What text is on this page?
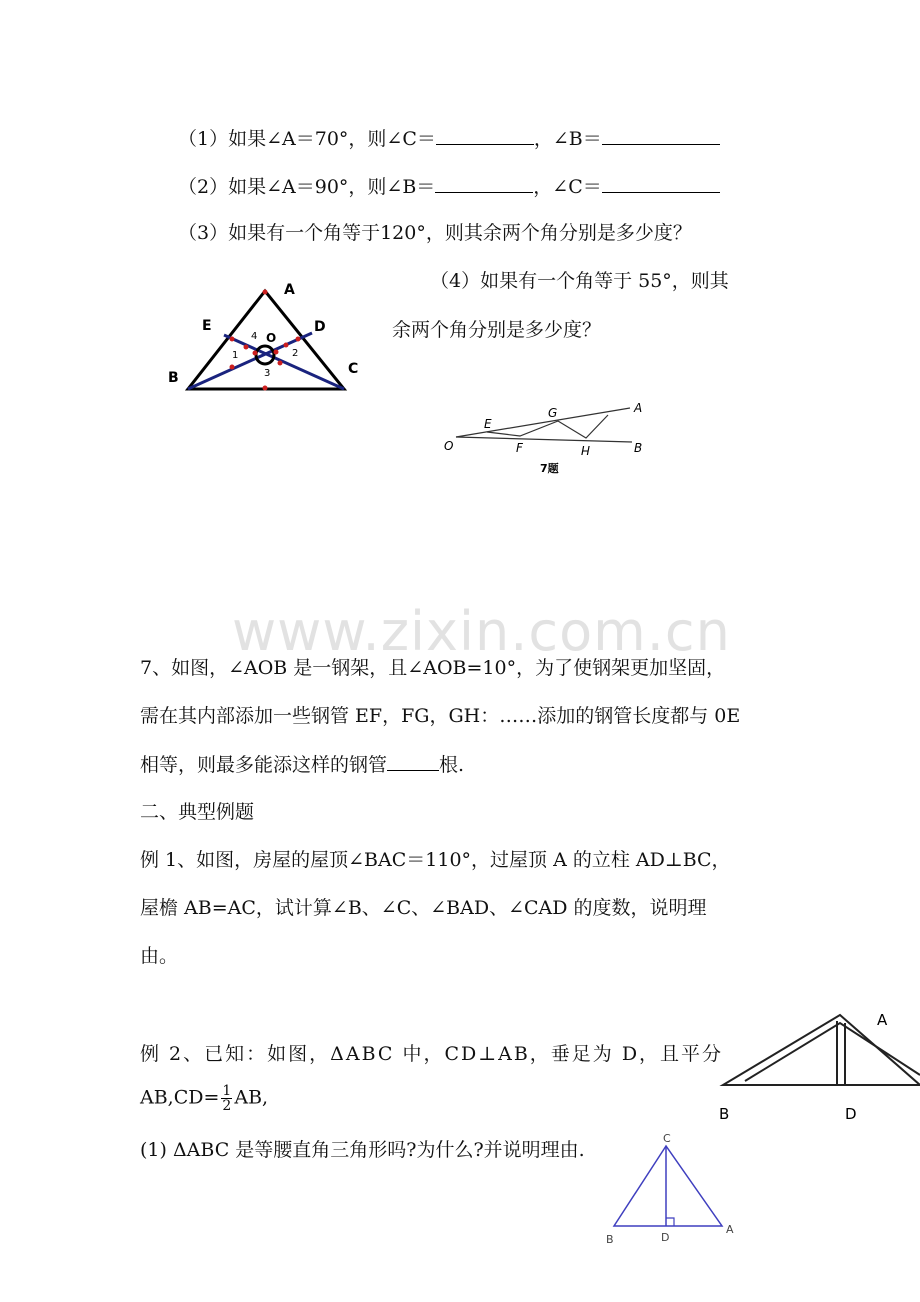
www.zixin.com.cn
（1）如果∠A＝70°，则∠C＝	，∠B＝
（2）如果∠A＝90°，则∠B＝	，∠C＝
（3）如果有一个角等于120°，则其余两个角分别是多少度？
（4）如果有一个角等于 55°，则其
余两个角分别是多少度？
A
B
C
D
E
O
1	2
3
4
O
E
G	A
F	H	B
7题
7、如图，∠AOB 是一钢架，且∠AOB=10°，为了使钢架更加坚固，
需在其内部添加一些钢管 EF，FG，GH：……添加的钢管长度都与 0E
相等，则最多能添这样的钢管	根.
二、典型例题
例 1、如图，房屋的屋顶∠BAC＝110°，过屋顶 A 的立柱 AD⊥BC，
屋檐 AB=AC，试计算∠B、∠C、∠BAD、∠CAD 的度数，说明理
由。
A
B	D
例 2、已知：如图，ΔABC 中，CD⊥AB，垂足为 D，且平分
$AB,CD= \frac{1}{2}$ AB,
(1) ΔABC 是等腰直角三角形吗?为什么?并说明理由.
C
B	D
A
